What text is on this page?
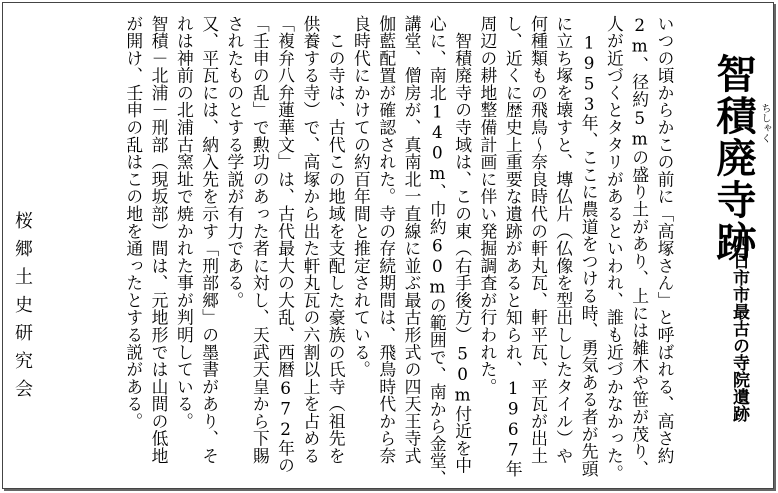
智積廃寺跡 ちしゃく
四日市市最古の寺院遺跡

いつの頃からかこの前に「高塚さん」と呼ばれる、高さ約

2m、径約5mの盛り土があり、上には雑木や笹が茂り、

人が近づくとタタリがあるといわれ、誰も近づかなかった。

　1953年、ここに農道をつける時、勇気ある者が先頭

に立ち塚を壊すと、塼仏片（仏像を型出ししたタイル）や

何種類もの飛鳥～奈良時代の軒丸瓦、軒平瓦、平瓦が出土

し、近くに歴史上重要な遺跡があると知られ、1967年

周辺の耕地整備計画に伴い発掘調査が行われた。

　智積廃寺の寺域は、この東（右手後方）50m付近を中

心に、南北140m、巾約60mの範囲で、南から金堂、

講堂、僧房が、真南北一直線に並ぶ最古形式の四天王寺式

伽藍配置が確認された。寺の存続期間は、飛鳥時代から奈

良時代にかけての約百年間と推定されている。

　この寺は、古代この地域を支配した豪族の氏寺（祖先を

供養する寺）で、高塚から出た軒丸瓦の六割以上を占める

「複弁八弁蓮華文」は、古代最大の大乱、西暦672年の

「壬申の乱」で勲功のあった者に対し、天武天皇から下賜

されたものとする学説が有力である。

又、平瓦には、納入先を示す「刑部郷」の墨書があり、そ

れは神前の北浦古窯址で焼かれた事が判明している。

智積－北浦－刑部（現坂部）間は、元地形では山間の低地

が開け、壬申の乱はこの地を通ったとする説がある。

桜郷土史研究会
